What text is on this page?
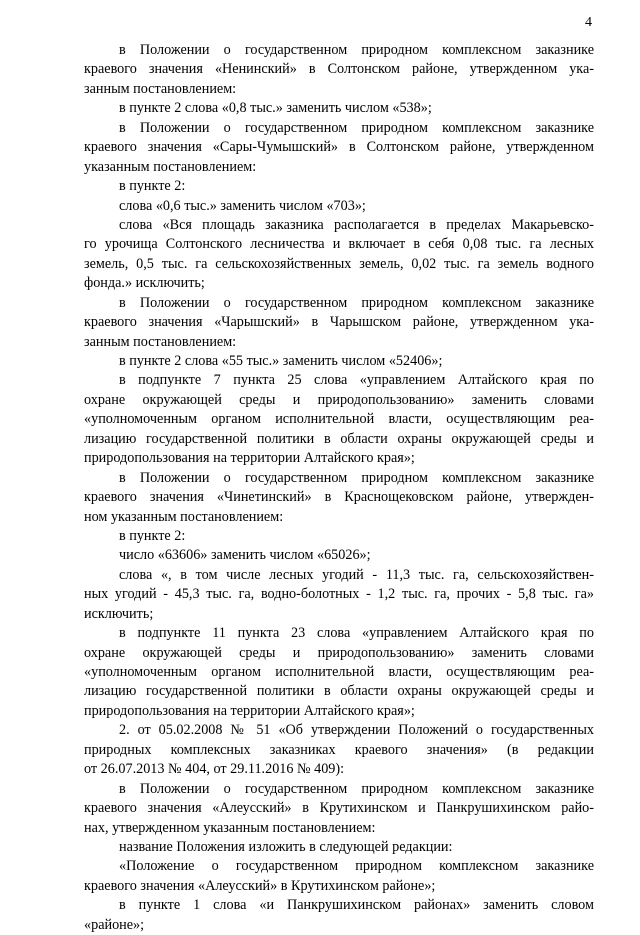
4
в Положении о государственном природном комплексном заказнике
краевого значения «Ненинский» в Солтонском районе, утвержденном ука-
занным постановлением:
в пункте 2 слова «0,8 тыс.» заменить числом «538»;
в Положении о государственном природном комплексном заказнике
краевого значения «Сары-Чумышский» в Солтонском районе, утвержденном
указанным постановлением:
в пункте 2:
слова «0,6 тыс.» заменить числом «703»;
слова «Вся площадь заказника располагается в пределах Макарьевско-
го урочища Солтонского лесничества и включает в себя 0,08 тыс. га лесных
земель, 0,5 тыс. га сельскохозяйственных земель, 0,02 тыс. га земель водного
фонда.» исключить;
в Положении о государственном природном комплексном заказнике
краевого значения «Чарышский» в Чарышском районе, утвержденном ука-
занным постановлением:
в пункте 2 слова «55 тыс.» заменить числом «52406»;
в подпункте 7 пункта 25 слова «управлением Алтайского края по
охране окружающей среды и природопользованию» заменить словами
«уполномоченным органом исполнительной власти, осуществляющим реа-
лизацию государственной политики в области охраны окружающей среды и
природопользования на территории Алтайского края»;
в Положении о государственном природном комплексном заказнике
краевого значения «Чинетинский» в Краснощековском районе, утвержден-
ном указанным постановлением:
в пункте 2:
число «63606» заменить числом «65026»;
слова «, в том числе лесных угодий - 11,3 тыс. га, сельскохозяйствен-
ных угодий - 45,3 тыс. га, водно-болотных - 1,2 тыс. га, прочих - 5,8 тыс. га»
исключить;
в подпункте 11 пункта 23 слова «управлением Алтайского края по
охране окружающей среды и природопользованию» заменить словами
«уполномоченным органом исполнительной власти, осуществляющим реа-
лизацию государственной политики в области охраны окружающей среды и
природопользования на территории Алтайского края»;
2. от 05.02.2008 № 51 «Об утверждении Положений о государственных
природных комплексных заказниках краевого значения» (в редакции
от 26.07.2013 № 404, от 29.11.2016 № 409):
в Положении о государственном природном комплексном заказнике
краевого значения «Алеусский» в Крутихинском и Панкрушихинском райо-
нах, утвержденном указанным постановлением:
название Положения изложить в следующей редакции:
«Положение о государственном природном комплексном заказнике
краевого значения «Алеусский» в Крутихинском районе»;
в пункте 1 слова «и Панкрушихинском районах» заменить словом
«районе»;
